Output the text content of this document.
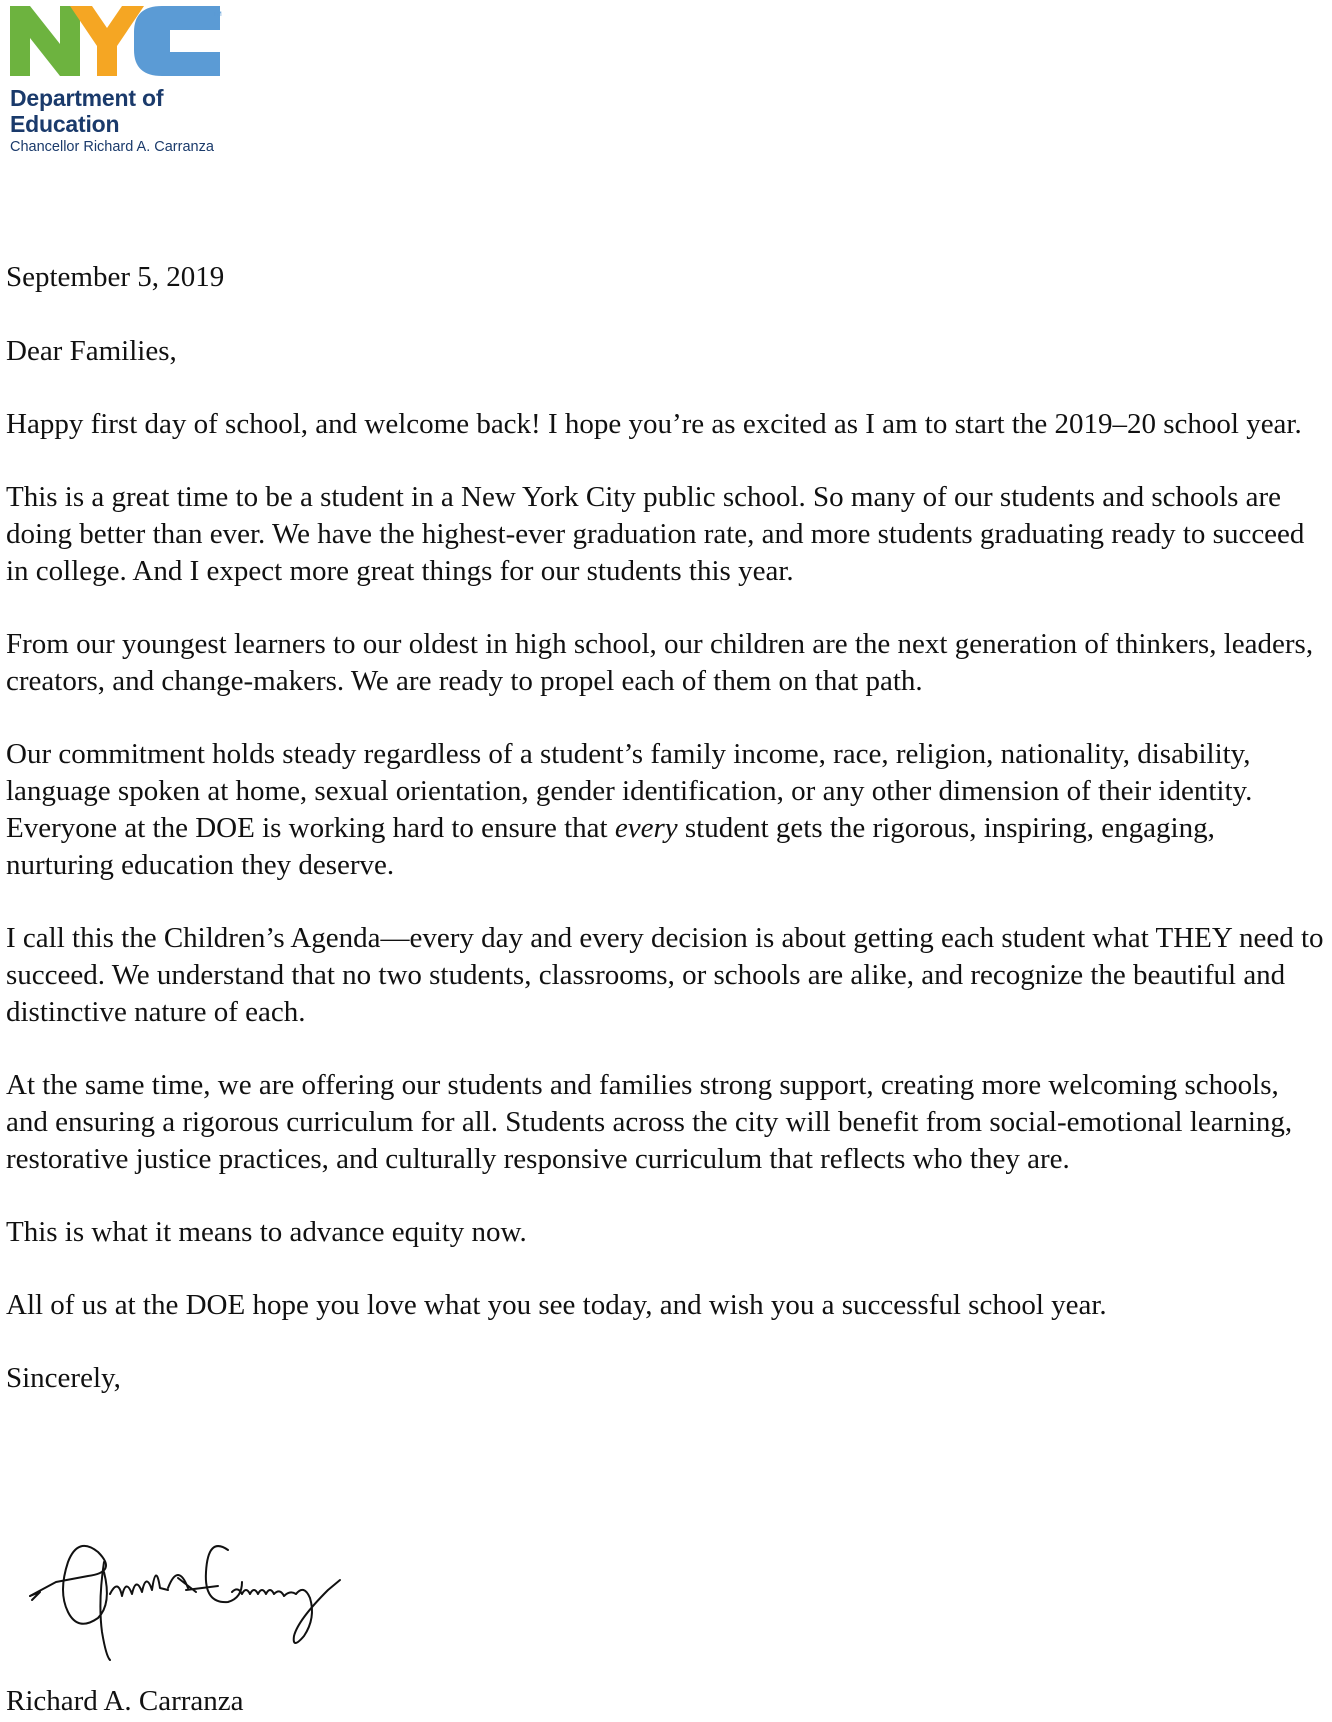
TM
Department of
Education
Chancellor Richard A. Carranza

September 5, 2019

Dear Families,

Happy first day of school, and welcome back! I hope you’re as excited as I am to start the 2019–20 school year.

This is a great time to be a student in a New York City public school. So many of our students and schools are doing better than ever. We have the highest-ever graduation rate, and more students graduating ready to succeed in college. And I expect more great things for our students this year.

From our youngest learners to our oldest in high school, our children are the next generation of thinkers, leaders, creators, and change-makers. We are ready to propel each of them on that path.

Our commitment holds steady regardless of a student’s family income, race, religion, nationality, disability, language spoken at home, sexual orientation, gender identification, or any other dimension of their identity. Everyone at the DOE is working hard to ensure that every student gets the rigorous, inspiring, engaging, nurturing education they deserve.

I call this the Children’s Agenda—every day and every decision is about getting each student what THEY need to succeed. We understand that no two students, classrooms, or schools are alike, and recognize the beautiful and distinctive nature of each.

At the same time, we are offering our students and families strong support, creating more welcoming schools, and ensuring a rigorous curriculum for all. Students across the city will benefit from social-emotional learning, restorative justice practices, and culturally responsive curriculum that reflects who they are.

This is what it means to advance equity now.

All of us at the DOE hope you love what you see today, and wish you a successful school year.

Sincerely,

Richard A. Carranza
